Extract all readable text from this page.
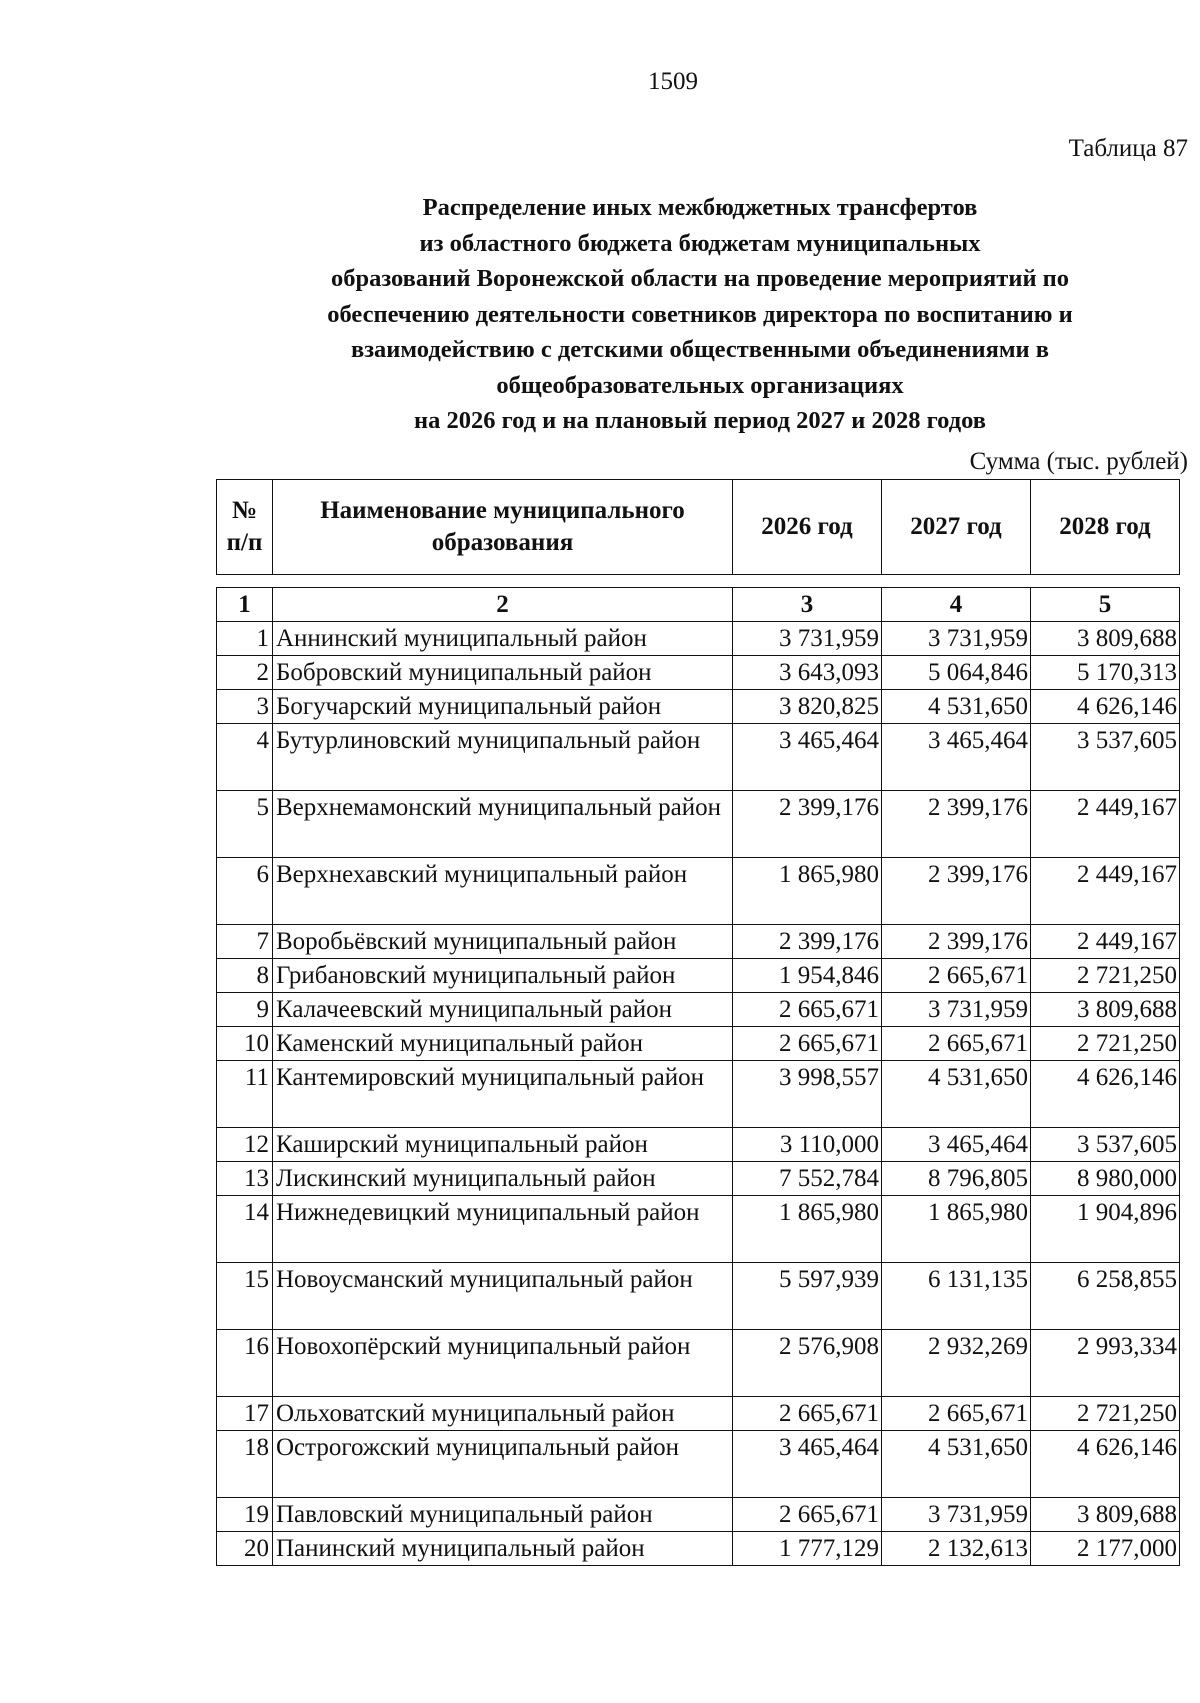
1509
Таблица 87
Распределение иных межбюджетных трансфертов
из областного бюджета бюджетам муниципальных
образований Воронежской области на проведение мероприятий по
обеспечению деятельности советников директора по воспитанию и
взаимодействию с детскими общественными объединениями в
общеобразовательных организациях
на 2026 год и на плановый период 2027 и 2028 годов
Сумма (тыс. рублей)
№ п/п	Наименование муниципального образования	2026 год	2027 год	2028 год
1	2	3	4	5
1	Аннинский муниципальный район	3 731,959	3 731,959	3 809,688
2	Бобровский муниципальный район	3 643,093	5 064,846	5 170,313
3	Богучарский муниципальный район	3 820,825	4 531,650	4 626,146
4	Бутурлиновский муниципальный район	3 465,464	3 465,464	3 537,605
5	Верхнемамонский муниципальный район	2 399,176	2 399,176	2 449,167
6	Верхнехавский муниципальный район	1 865,980	2 399,176	2 449,167
7	Воробьёвский муниципальный район	2 399,176	2 399,176	2 449,167
8	Грибановский муниципальный район	1 954,846	2 665,671	2 721,250
9	Калачеевский муниципальный район	2 665,671	3 731,959	3 809,688
10	Каменский муниципальный район	2 665,671	2 665,671	2 721,250
11	Кантемировский муниципальный район	3 998,557	4 531,650	4 626,146
12	Каширский муниципальный район	3 110,000	3 465,464	3 537,605
13	Лискинский муниципальный район	7 552,784	8 796,805	8 980,000
14	Нижнедевицкий муниципальный район	1 865,980	1 865,980	1 904,896
15	Новоусманский муниципальный район	5 597,939	6 131,135	6 258,855
16	Новохопёрский муниципальный район	2 576,908	2 932,269	2 993,334
17	Ольховатский муниципальный район	2 665,671	2 665,671	2 721,250
18	Острогожский муниципальный район	3 465,464	4 531,650	4 626,146
19	Павловский муниципальный район	2 665,671	3 731,959	3 809,688
20	Панинский муниципальный район	1 777,129	2 132,613	2 177,000
